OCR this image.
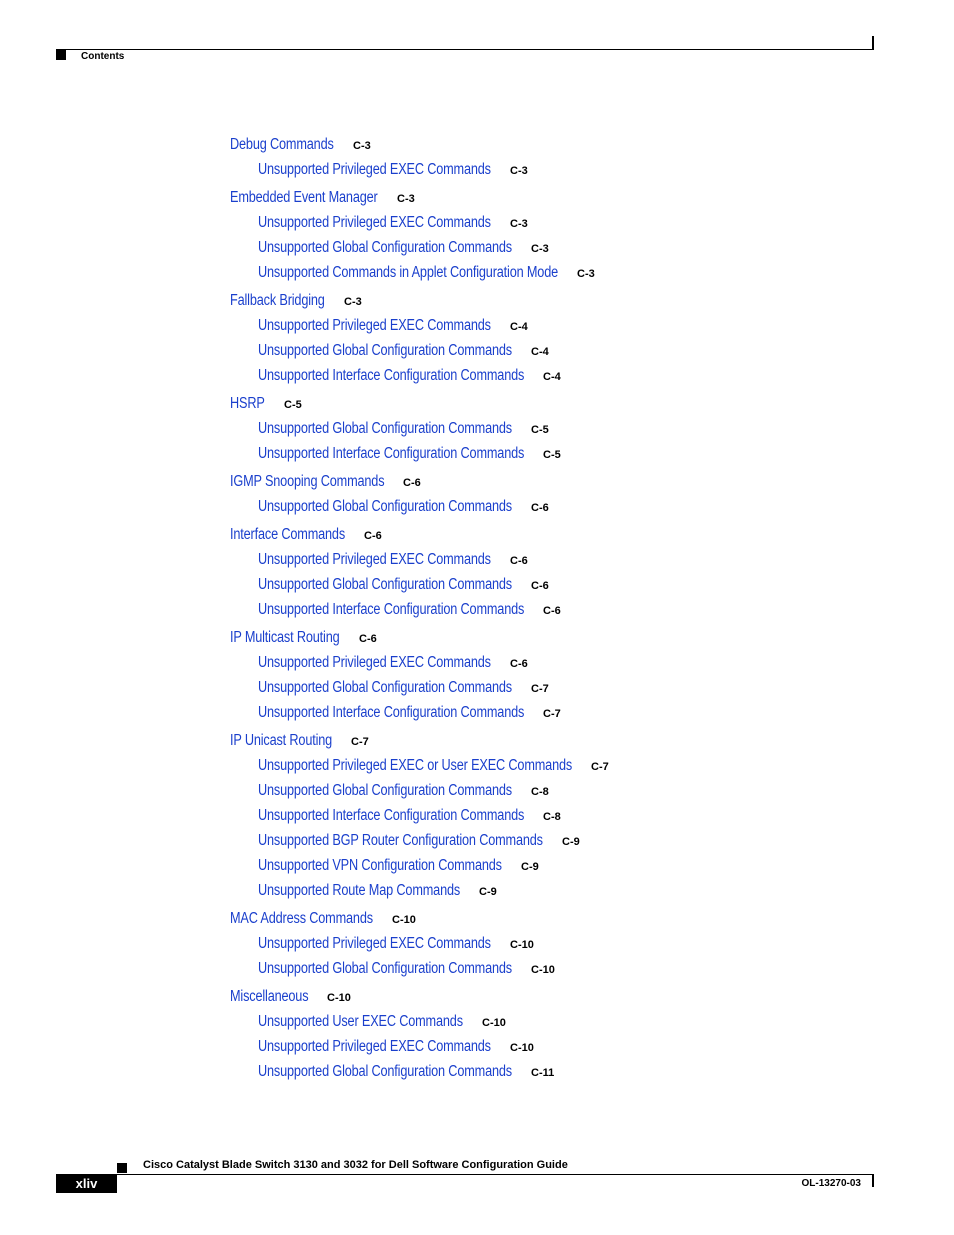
Contents
Debug Commands C-3
Unsupported Privileged EXEC Commands C-3
Embedded Event Manager C-3
Unsupported Privileged EXEC Commands C-3
Unsupported Global Configuration Commands C-3
Unsupported Commands in Applet Configuration Mode C-3
Fallback Bridging C-3
Unsupported Privileged EXEC Commands C-4
Unsupported Global Configuration Commands C-4
Unsupported Interface Configuration Commands C-4
HSRP C-5
Unsupported Global Configuration Commands C-5
Unsupported Interface Configuration Commands C-5
IGMP Snooping Commands C-6
Unsupported Global Configuration Commands C-6
Interface Commands C-6
Unsupported Privileged EXEC Commands C-6
Unsupported Global Configuration Commands C-6
Unsupported Interface Configuration Commands C-6
IP Multicast Routing C-6
Unsupported Privileged EXEC Commands C-6
Unsupported Global Configuration Commands C-7
Unsupported Interface Configuration Commands C-7
IP Unicast Routing C-7
Unsupported Privileged EXEC or User EXEC Commands C-7
Unsupported Global Configuration Commands C-8
Unsupported Interface Configuration Commands C-8
Unsupported BGP Router Configuration Commands C-9
Unsupported VPN Configuration Commands C-9
Unsupported Route Map Commands C-9
MAC Address Commands C-10
Unsupported Privileged EXEC Commands C-10
Unsupported Global Configuration Commands C-10
Miscellaneous C-10
Unsupported User EXEC Commands C-10
Unsupported Privileged EXEC Commands C-10
Unsupported Global Configuration Commands C-11
Cisco Catalyst Blade Switch 3130 and 3032 for Dell Software Configuration Guide
xliv	OL-13270-03
